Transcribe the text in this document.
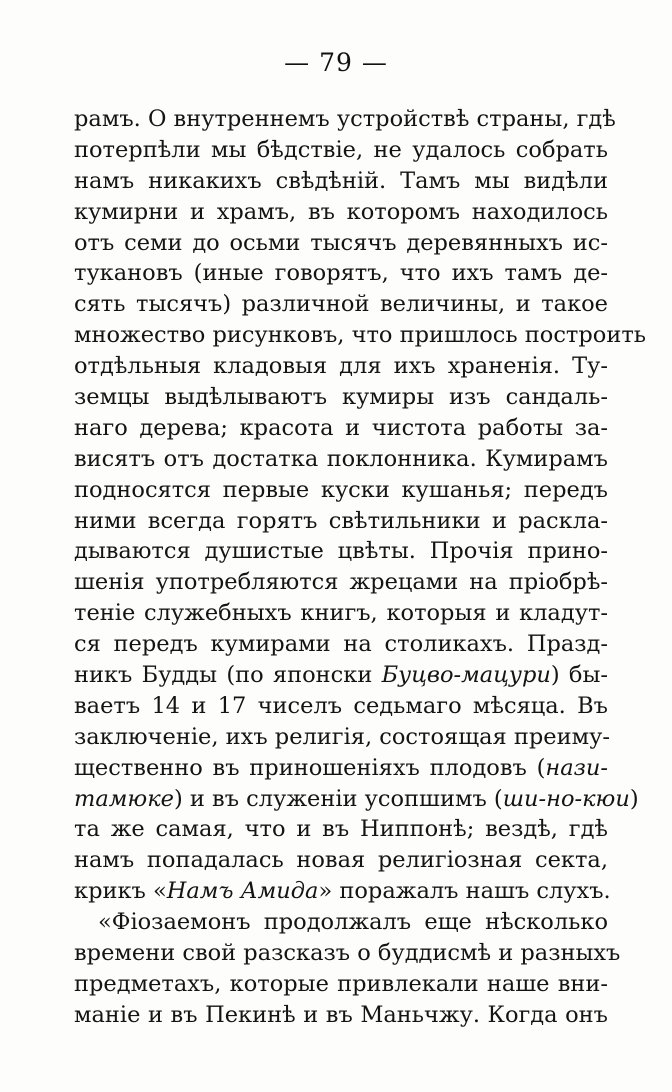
— 79 —
рамъ. О внутреннемъ устройствѣ страны, гдѣ
потерпѣли мы бѣдствіе, не удалось собрать
намъ никакихъ свѣдѣній. Тамъ мы видѣли
кумирни и храмъ, въ которомъ находилось
отъ семи до осьми тысячъ деревянныхъ ис-
тукановъ (иные говорятъ, что ихъ тамъ де-
сять тысячъ) различной величины, и такое
множество рисунковъ, что пришлось построить
отдѣльныя кладовыя для ихъ храненія. Ту-
земцы выдѣлываютъ кумиры изъ сандаль-
наго дерева; красота и чистота работы за-
висятъ отъ достатка поклонника. Кумирамъ
подносятся первые куски кушанья; передъ
ними всегда горятъ свѣтильники и раскла-
дываются душистые цвѣты. Прочія прино-
шенія употребляются жрецами на пріобрѣ-
теніе служебныхъ книгъ, которыя и кладут-
ся передъ кумирами на столикахъ. Празд-
никъ Будды (по японски Буцво-мацури) бы-
ваетъ 14 и 17 чиселъ седьмаго мѣсяца. Въ
заключеніе, ихъ религія, состоящая преиму-
щественно въ приношеніяхъ плодовъ (нази-
тамюке) и въ служеніи усопшимъ (ши-но-кюи)
та же самая, что и въ Ниппонѣ; вездѣ, гдѣ
намъ попадалась новая религіозная секта,
крикъ «Намъ Амида» поражалъ нашъ слухъ.
«Фіозаемонъ продолжалъ еще нѣсколько
времени свой разсказъ о буддисмѣ и разныхъ
предметахъ, которые привлекали наше вни-
маніе и въ Пекинѣ и въ Маньчжу. Когда онъ
